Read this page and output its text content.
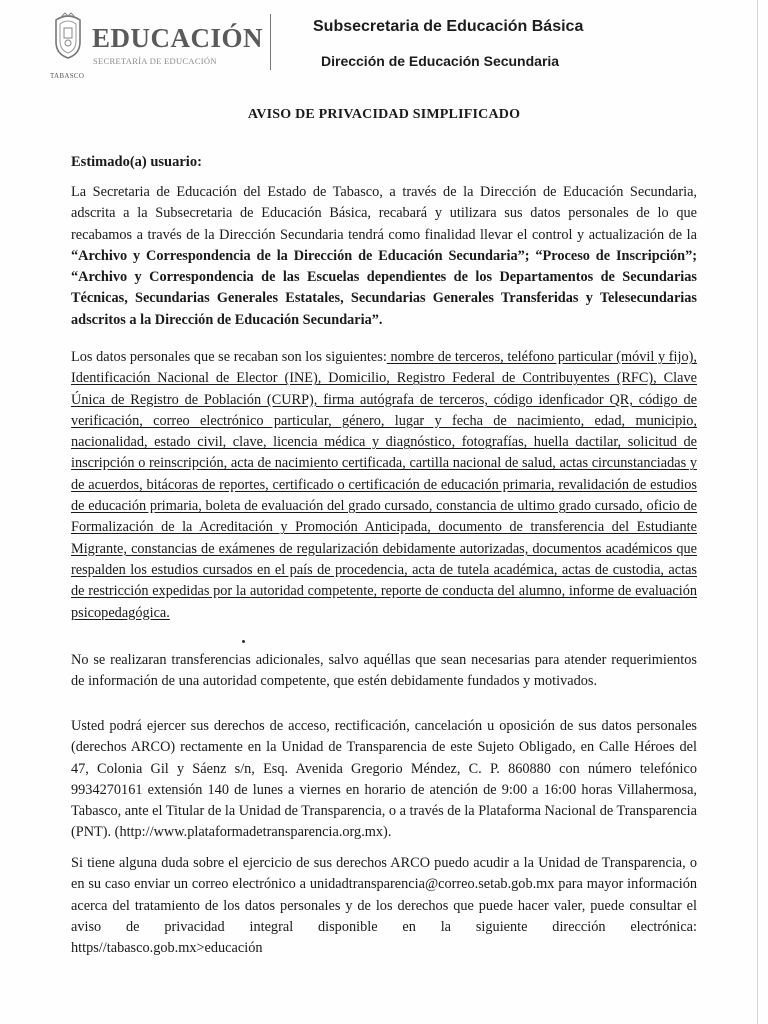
EDUCACIÓN
SECRETARÍA DE EDUCACIÓN
TABASCO
Subsecretaria de Educación Básica
Dirección de Educación Secundaria
AVISO DE PRIVACIDAD SIMPLIFICADO
Estimado(a) usuario:
La Secretaria de Educación del Estado de Tabasco, a través de la Dirección de Educación Secundaria, adscrita a la Subsecretaria de Educación Básica, recabará y utilizara sus datos personales de lo que recabamos a través de la Dirección Secundaria tendrá como finalidad llevar el control y actualización de la “Archivo y Correspondencia de la Dirección de Educación Secundaria”; “Proceso de Inscripción”; “Archivo y Correspondencia de las Escuelas dependientes de los Departamentos de Secundarias Técnicas, Secundarias Generales Estatales, Secundarias Generales Transferidas y Telesecundarias adscritos a la Dirección de Educación Secundaria”.
Los datos personales que se recaban son los siguientes: nombre de terceros, teléfono particular (móvil y fijo), Identificación Nacional de Elector (INE), Domicilio, Registro Federal de Contribuyentes (RFC), Clave Única de Registro de Población (CURP), firma autógrafa de terceros, código idenficador QR, código de verificación, correo electrónico particular, género, lugar y fecha de nacimiento, edad, municipio, nacionalidad, estado civil, clave, licencia médica y diagnóstico, fotografías, huella dactilar, solicitud de inscripción o reinscripción, acta de nacimiento certificada, cartilla nacional de salud, actas circunstanciadas y de acuerdos, bitácoras de reportes, certificado o certificación de educación primaria, revalidación de estudios de educación primaria, boleta de evaluación del grado cursado, constancia de ultimo grado cursado, oficio de Formalización de la Acreditación y Promoción Anticipada, documento de transferencia del Estudiante Migrante, constancias de exámenes de regularización debidamente autorizadas, documentos académicos que respalden los estudios cursados en el país de procedencia, acta de tutela académica, actas de custodia, actas de restricción expedidas por la autoridad competente, reporte de conducta del alumno, informe de evaluación psicopedagógica.
No se realizaran transferencias adicionales, salvo aquéllas que sean necesarias para atender requerimientos de información de una autoridad competente, que estén debidamente fundados y motivados.
Usted podrá ejercer sus derechos de acceso, rectificación, cancelación u oposición de sus datos personales (derechos ARCO) rectamente en la Unidad de Transparencia de este Sujeto Obligado, en Calle Héroes del 47, Colonia Gil y Sáenz s/n, Esq. Avenida Gregorio Méndez, C. P. 860880 con número telefónico 9934270161 extensión 140 de lunes a viernes en horario de atención de 9:00 a 16:00 horas Villahermosa, Tabasco, ante el Titular de la Unidad de Transparencia, o a través de la Plataforma Nacional de Transparencia (PNT). (http://www.plataformadetransparencia.org.mx).
Si tiene alguna duda sobre el ejercicio de sus derechos ARCO puedo acudir a la Unidad de Transparencia, o en su caso enviar un correo electrónico a unidadtransparencia@correo.setab.gob.mx para mayor información acerca del tratamiento de los datos personales y de los derechos que puede hacer valer, puede consultar el aviso de privacidad integral disponible en la siguiente dirección electrónica: https//tabasco.gob.mx>educación
